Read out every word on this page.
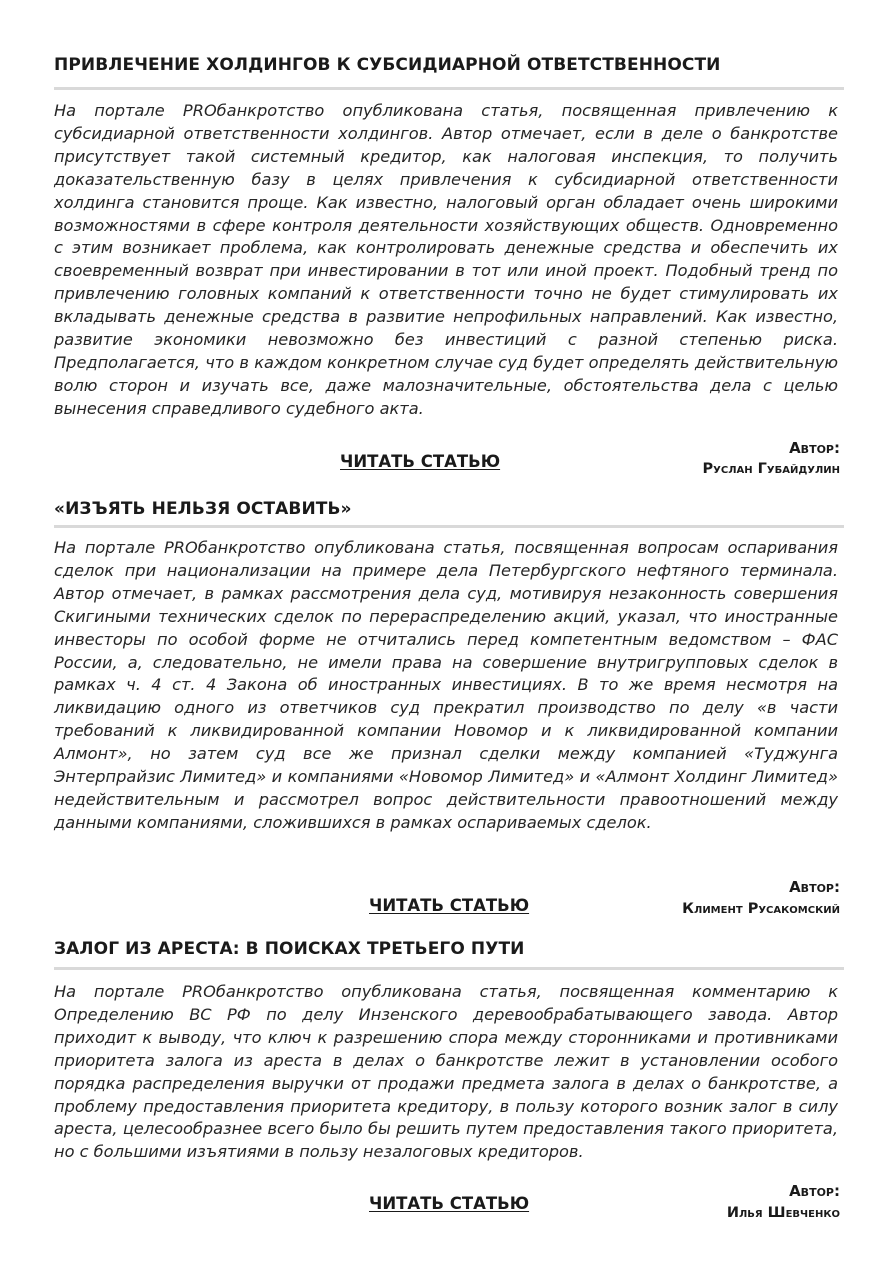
ПРИВЛЕЧЕНИЕ ХОЛДИНГОВ К СУБСИДИАРНОЙ ОТВЕТСТВЕННОСТИ
На портале PROбанкротство опубликована статья, посвященная привлечению к субсидиарной ответственности холдингов. Автор отмечает, если в деле о банкротстве присутствует такой системный кредитор, как налоговая инспекция, то получить доказательственную базу в целях привлечения к субсидиарной ответственности холдинга становится проще. Как известно, налоговый орган обладает очень широкими возможностями в сфере контроля деятельности хозяйствующих обществ. Одновременно с этим возникает проблема, как контролировать денежные средства и обеспечить их своевременный возврат при инвестировании в тот или иной проект. Подобный тренд по привлечению головных компаний к ответственности точно не будет стимулировать их вкладывать денежные средства в развитие непрофильных направлений. Как известно, развитие экономики невозможно без инвестиций с разной степенью риска. Предполагается, что в каждом конкретном случае суд будет определять действительную волю сторон и изучать все, даже малозначительные, обстоятельства дела с целью вынесения справедливого судебного акта.
ЧИТАТЬ СТАТЬЮ
Автор:
Руслан Губайдулин
«ИЗЪЯТЬ НЕЛЬЗЯ ОСТАВИТЬ»
На портале PROбанкротство опубликована статья, посвященная вопросам оспаривания сделок при национализации на примере дела Петербургского нефтяного терминала. Автор отмечает, в рамках рассмотрения дела суд, мотивируя незаконность совершения Скигиными технических сделок по перераспределению акций, указал, что иностранные инвесторы по особой форме не отчитались перед компетентным ведомством – ФАС России, а, следовательно, не имели права на совершение внутригрупповых сделок в рамках ч. 4 ст. 4 Закона об иностранных инвестициях. В то же время несмотря на ликвидацию одного из ответчиков суд прекратил производство по делу «в части требований к ликвидированной компании Новомор и к ликвидированной компании Алмонт», но затем суд все же признал сделки между компанией «Туджунга Энтерпрайзис Лимитед» и компаниями «Новомор Лимитед» и «Алмонт Холдинг Лимитед» недействительным и рассмотрел вопрос действительности правоотношений между данными компаниями, сложившихся в рамках оспариваемых сделок.
ЧИТАТЬ СТАТЬЮ
Автор:
Климент Русакомский
ЗАЛОГ ИЗ АРЕСТА: В ПОИСКАХ ТРЕТЬЕГО ПУТИ
На портале PROбанкротство опубликована статья, посвященная комментарию к Определению ВС РФ по делу Инзенского деревообрабатывающего завода. Автор приходит к выводу, что ключ к разрешению спора между сторонниками и противниками приоритета залога из ареста в делах о банкротстве лежит в установлении особого порядка распределения выручки от продажи предмета залога в делах о банкротстве, а проблему предоставления приоритета кредитору, в пользу которого возник залог в силу ареста, целесообразнее всего было бы решить путем предоставления такого приоритета, но с большими изъятиями в пользу незалоговых кредиторов.
ЧИТАТЬ СТАТЬЮ
Автор:
Илья Шевченко
